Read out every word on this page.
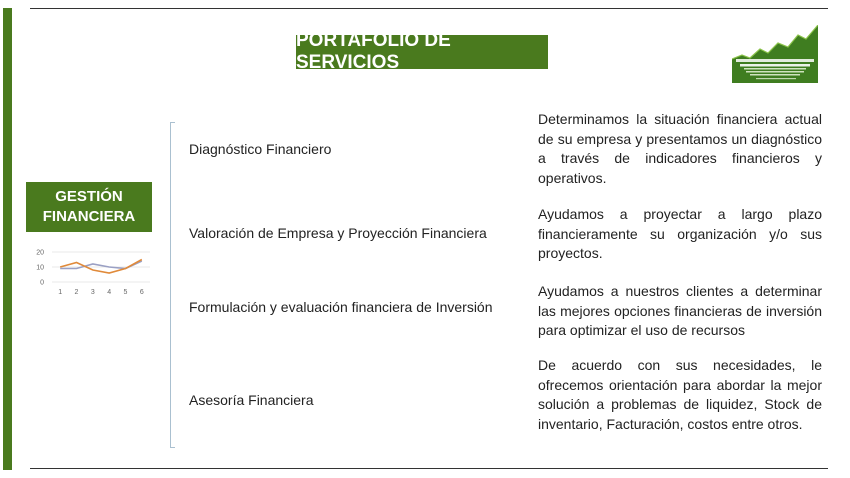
PORTAFOLIO DE SERVICIOS
GESTIÓN
FINANCIERA
20
10
0
1 2 3 4 5 6
Diagnóstico Financiero
Valoración de Empresa y Proyección Financiera
Formulación y evaluación financiera de Inversión
Asesoría Financiera
Determinamos la situación financiera actual de su empresa y presentamos un diagnóstico a través de indicadores financieros y operativos.
Ayudamos a proyectar a largo plazo financieramente su organización y/o sus proyectos.
Ayudamos a nuestros clientes a determinar las mejores opciones financieras de inversión para optimizar el uso de recursos
De acuerdo con sus necesidades, le ofrecemos orientación para abordar la mejor solución a problemas de liquidez, Stock de inventario, Facturación, costos entre otros.
